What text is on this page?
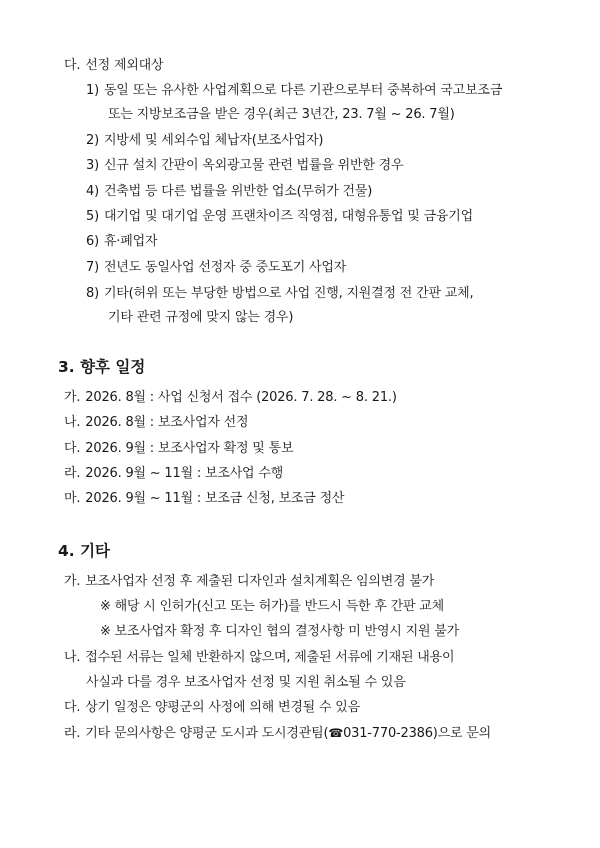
다. 선정 제외대상
1) 동일 또는 유사한 사업계획으로 다른 기관으로부터 중복하여 국고보조금
또는 지방보조금을 받은 경우(최근 3년간, 23. 7월 ~ 26. 7월)
2) 지방세 및 세외수입 체납자(보조사업자)
3) 신규 설치 간판이 옥외광고물 관련 법률을 위반한 경우
4) 건축법 등 다른 법률을 위반한 업소(무허가 건물)
5) 대기업 및 대기업 운영 프랜차이즈 직영점, 대형유통업 및 금융기업
6) 휴·폐업자
7) 전년도 동일사업 선정자 중 중도포기 사업자
8) 기타(허위 또는 부당한 방법으로 사업 진행, 지원결정 전 간판 교체,
기타 관련 규정에 맞지 않는 경우)
3. 향후 일정
가. 2026. 8월 : 사업 신청서 접수 (2026. 7. 28. ~ 8. 21.)
나. 2026. 8월 : 보조사업자 선정
다. 2026. 9월 : 보조사업자 확정 및 통보
라. 2026. 9월 ~ 11월 : 보조사업 수행
마. 2026. 9월 ~ 11월 : 보조금 신청, 보조금 정산
4. 기타
가. 보조사업자 선정 후 제출된 디자인과 설치계획은 임의변경 불가
※ 해당 시 인허가(신고 또는 허가)를 반드시 득한 후 간판 교체
※ 보조사업자 확정 후 디자인 협의 결정사항 미 반영시 지원 불가
나. 접수된 서류는 일체 반환하지 않으며, 제출된 서류에 기재된 내용이
사실과 다를 경우 보조사업자 선정 및 지원 취소될 수 있음
다. 상기 일정은 양평군의 사정에 의해 변경될 수 있음
라. 기타 문의사항은 양평군 도시과 도시경관팀(☎031-770-2386)으로 문의
